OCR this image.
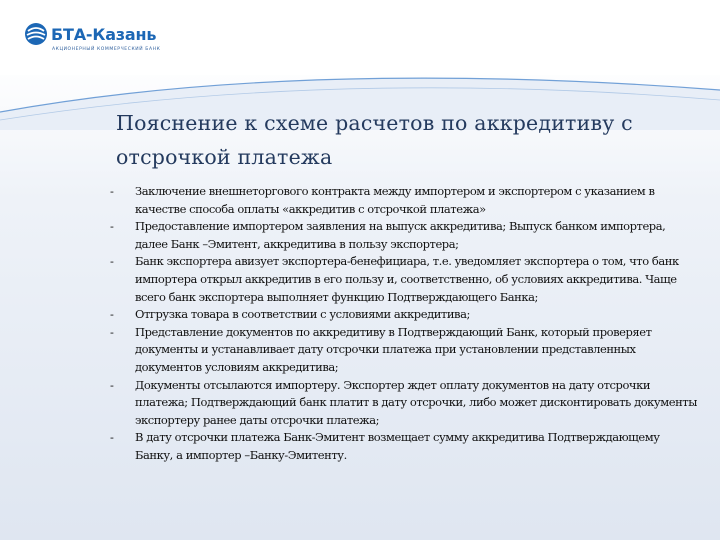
БТА-Казань
АКЦИОНЕРНЫЙ КОММЕРЧЕСКИЙ БАНК
Пояснение к схеме расчетов по аккредитиву с отсрочкой платежа
- Заключение внешнеторгового контракта между импортером и экспортером с указанием в качестве способа оплаты «аккредитив с отсрочкой платежа»
- Предоставление импортером заявления на выпуск аккредитива; Выпуск банком импортера, далее Банк –Эмитент, аккредитива в пользу экспортера;
- Банк экспортера авизует экспортера-бенефициара, т.е. уведомляет экспортера о том, что банк импортера открыл аккредитив в его пользу и, соответственно, об условиях аккредитива. Чаще всего банк экспортера выполняет функцию Подтверждающего Банка;
- Отгрузка товара в соответствии с условиями аккредитива;
- Представление документов по аккредитиву в Подтверждающий Банк, который проверяет документы и устанавливает дату отсрочки платежа при установлении представленных документов условиям аккредитива;
- Документы отсылаются импортеру. Экспортер ждет оплату документов на дату отсрочки платежа; Подтверждающий банк платит в дату отсрочки, либо может дисконтировать документы экспортеру ранее даты отсрочки платежа;
- В дату отсрочки платежа Банк-Эмитент возмещает сумму аккредитива Подтверждающему Банку, а импортер –Банку-Эмитенту.
